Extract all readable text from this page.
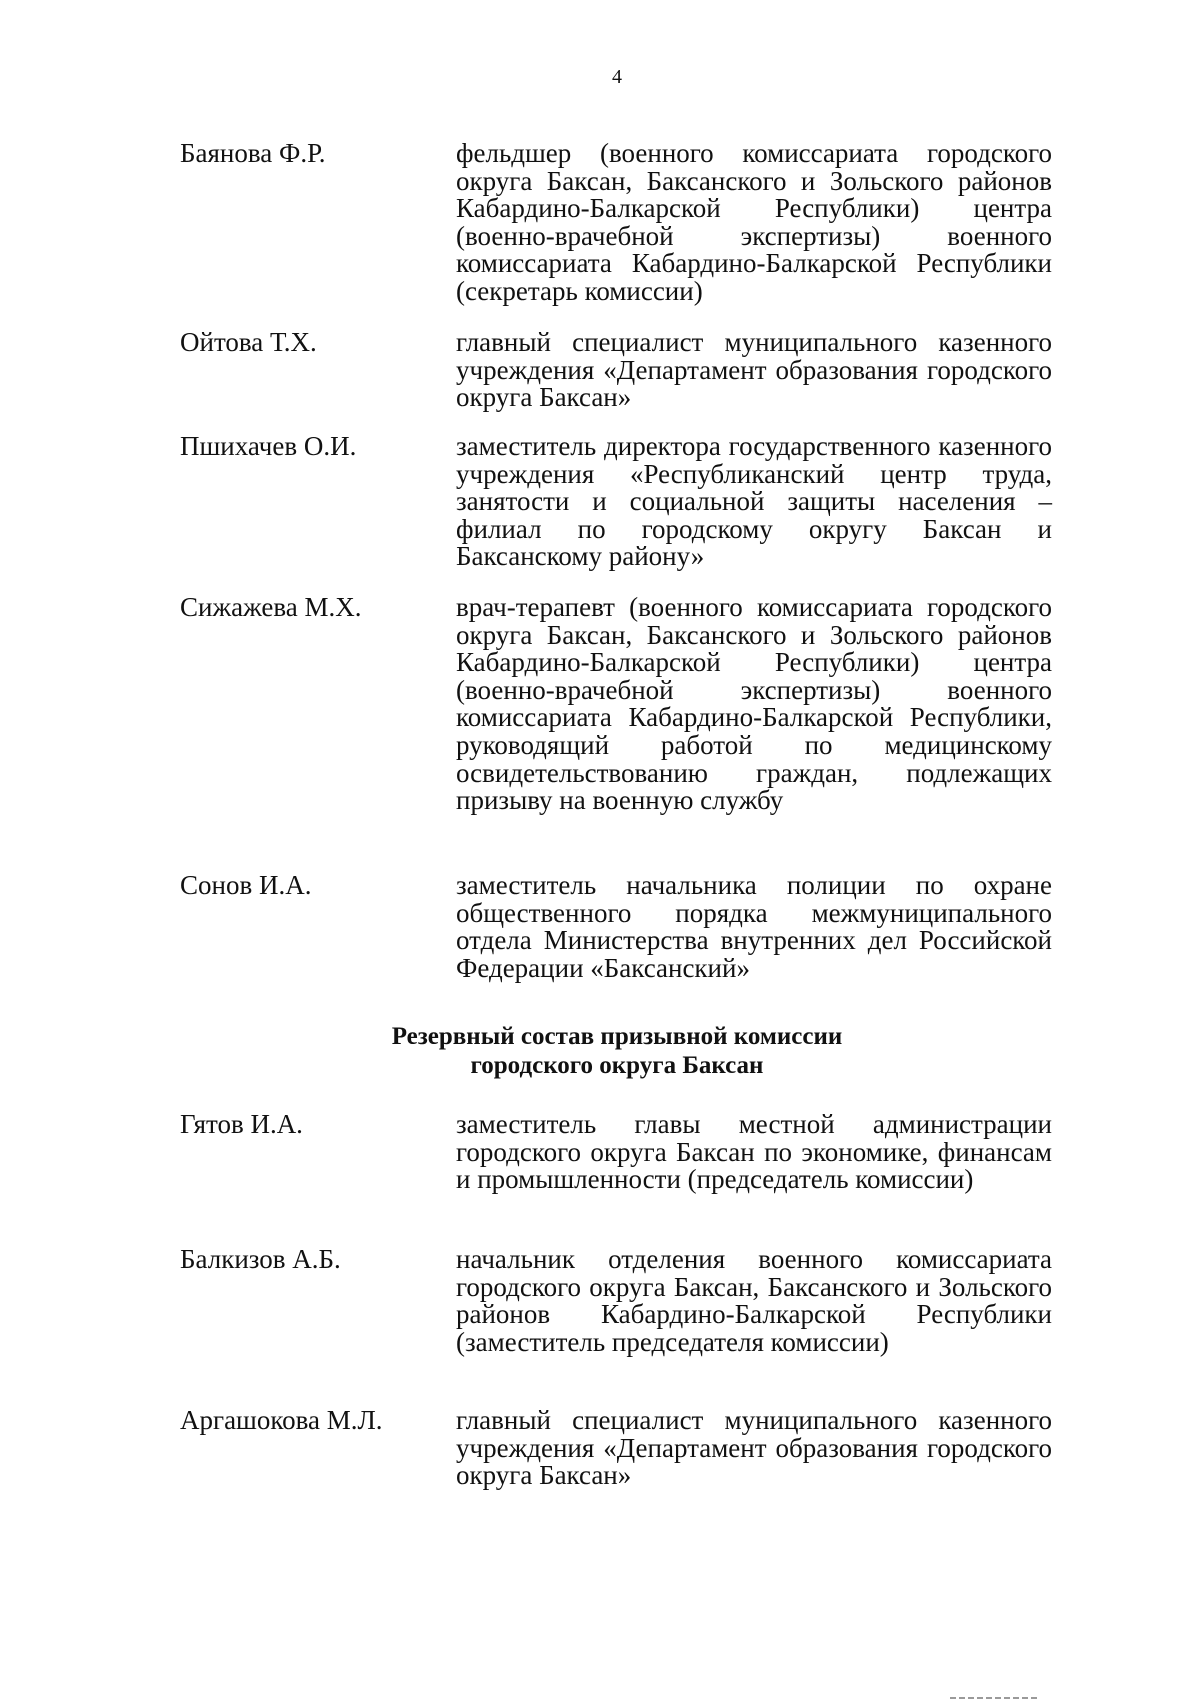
4
Баянова Ф.Р.	фельдшер (военного комиссариата городского округа Баксан, Баксанского и Зольского районов Кабардино-Балкарской Республики) центра (военно-врачебной экспертизы) военного комиссариата Кабардино-Балкарской Республики (секретарь комиссии)
Ойтова Т.Х.	главный специалист муниципального казенного учреждения «Департамент образования городского округа Баксан»
Пшихачев О.И.	заместитель директора государственного казенного учреждения «Республиканский центр труда, занятости и социальной защиты населения – филиал по городскому округу Баксан и Баксанскому району»
Сижажева М.Х.	врач-терапевт (военного комиссариата городского округа Баксан, Баксанского и Зольского районов Кабардино-Балкарской Республики) центра (военно-врачебной экспертизы) военного комиссариата Кабардино-Балкарской Республики, руководящий работой по медицинскому освидетельствованию граждан, подлежащих призыву на военную службу
Сонов И.А.	заместитель начальника полиции по охране общественного порядка межмуниципального отдела Министерства внутренних дел Российской Федерации «Баксанский»
Резервный состав призывной комиссии
городского округа Баксан
Гятов И.А.	заместитель главы местной администрации городского округа Баксан по экономике, финансам и промышленности (председатель комиссии)
Балкизов А.Б.	начальник отделения военного комиссариата городского округа Баксан, Баксанского и Зольского районов Кабардино-Балкарской Республики (заместитель председателя комиссии)
Аргашокова М.Л.	главный специалист муниципального казенного учреждения «Департамент образования городского округа Баксан»
